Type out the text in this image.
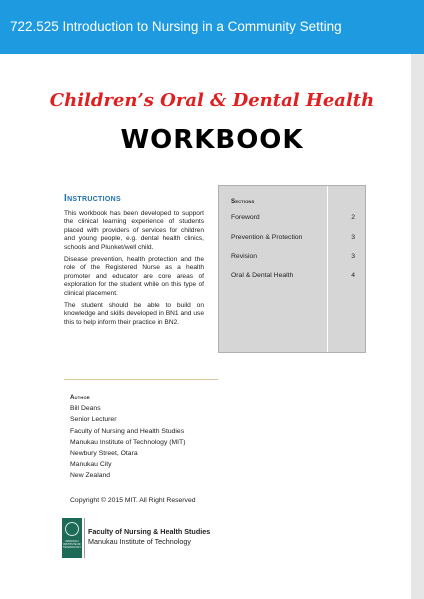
722.525 Introduction to Nursing in a Community Setting
Children’s Oral & Dental Health
WORKBOOK
Instructions

This workbook has been developed to support the clinical learning experience of students placed with providers of services for children and young people, e.g. dental health clinics, schools and Plunket/well child.

Disease prevention, health protection and the role of the Registered Nurse as a health promoter and educator are core areas of exploration for the student while on this type of clinical placement.

The student should be able to build on knowledge and skills developed in BN1 and use this to help inform their practice in BN2.

Sections
Foreword	2
Prevention & Protection	3
Revision	3
Oral & Dental Health	4
Author
Bill Deans
Senior Lecturer
Faculty of Nursing and Health Studies
Manukau Institute of Technology (MIT)
Newbury Street, Otara
Manukau City
New Zealand
Copyright © 2015 MIT. All Right Reserved
MANUKAU INSTITUTE OF TECHNOLOGY
Faculty of Nursing & Health Studies
Manukau Institute of Technology
